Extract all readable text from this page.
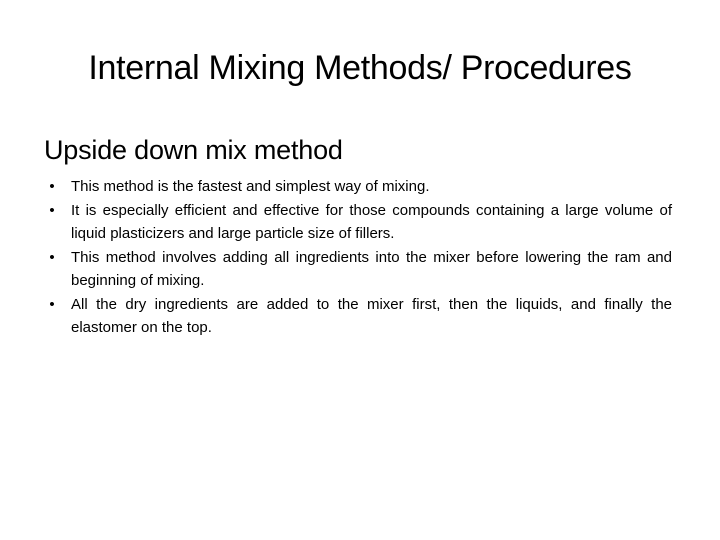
Internal Mixing Methods/ Procedures
Upside down mix method
•	This method is the fastest and simplest way of mixing.
•	It is especially efficient and effective for those compounds containing a large volume of liquid plasticizers and large particle size of fillers.
•	This method involves adding all ingredients into the mixer before lowering the ram and beginning of mixing.
•	All the dry ingredients are added to the mixer first, then the liquids, and finally the elastomer on the top.
